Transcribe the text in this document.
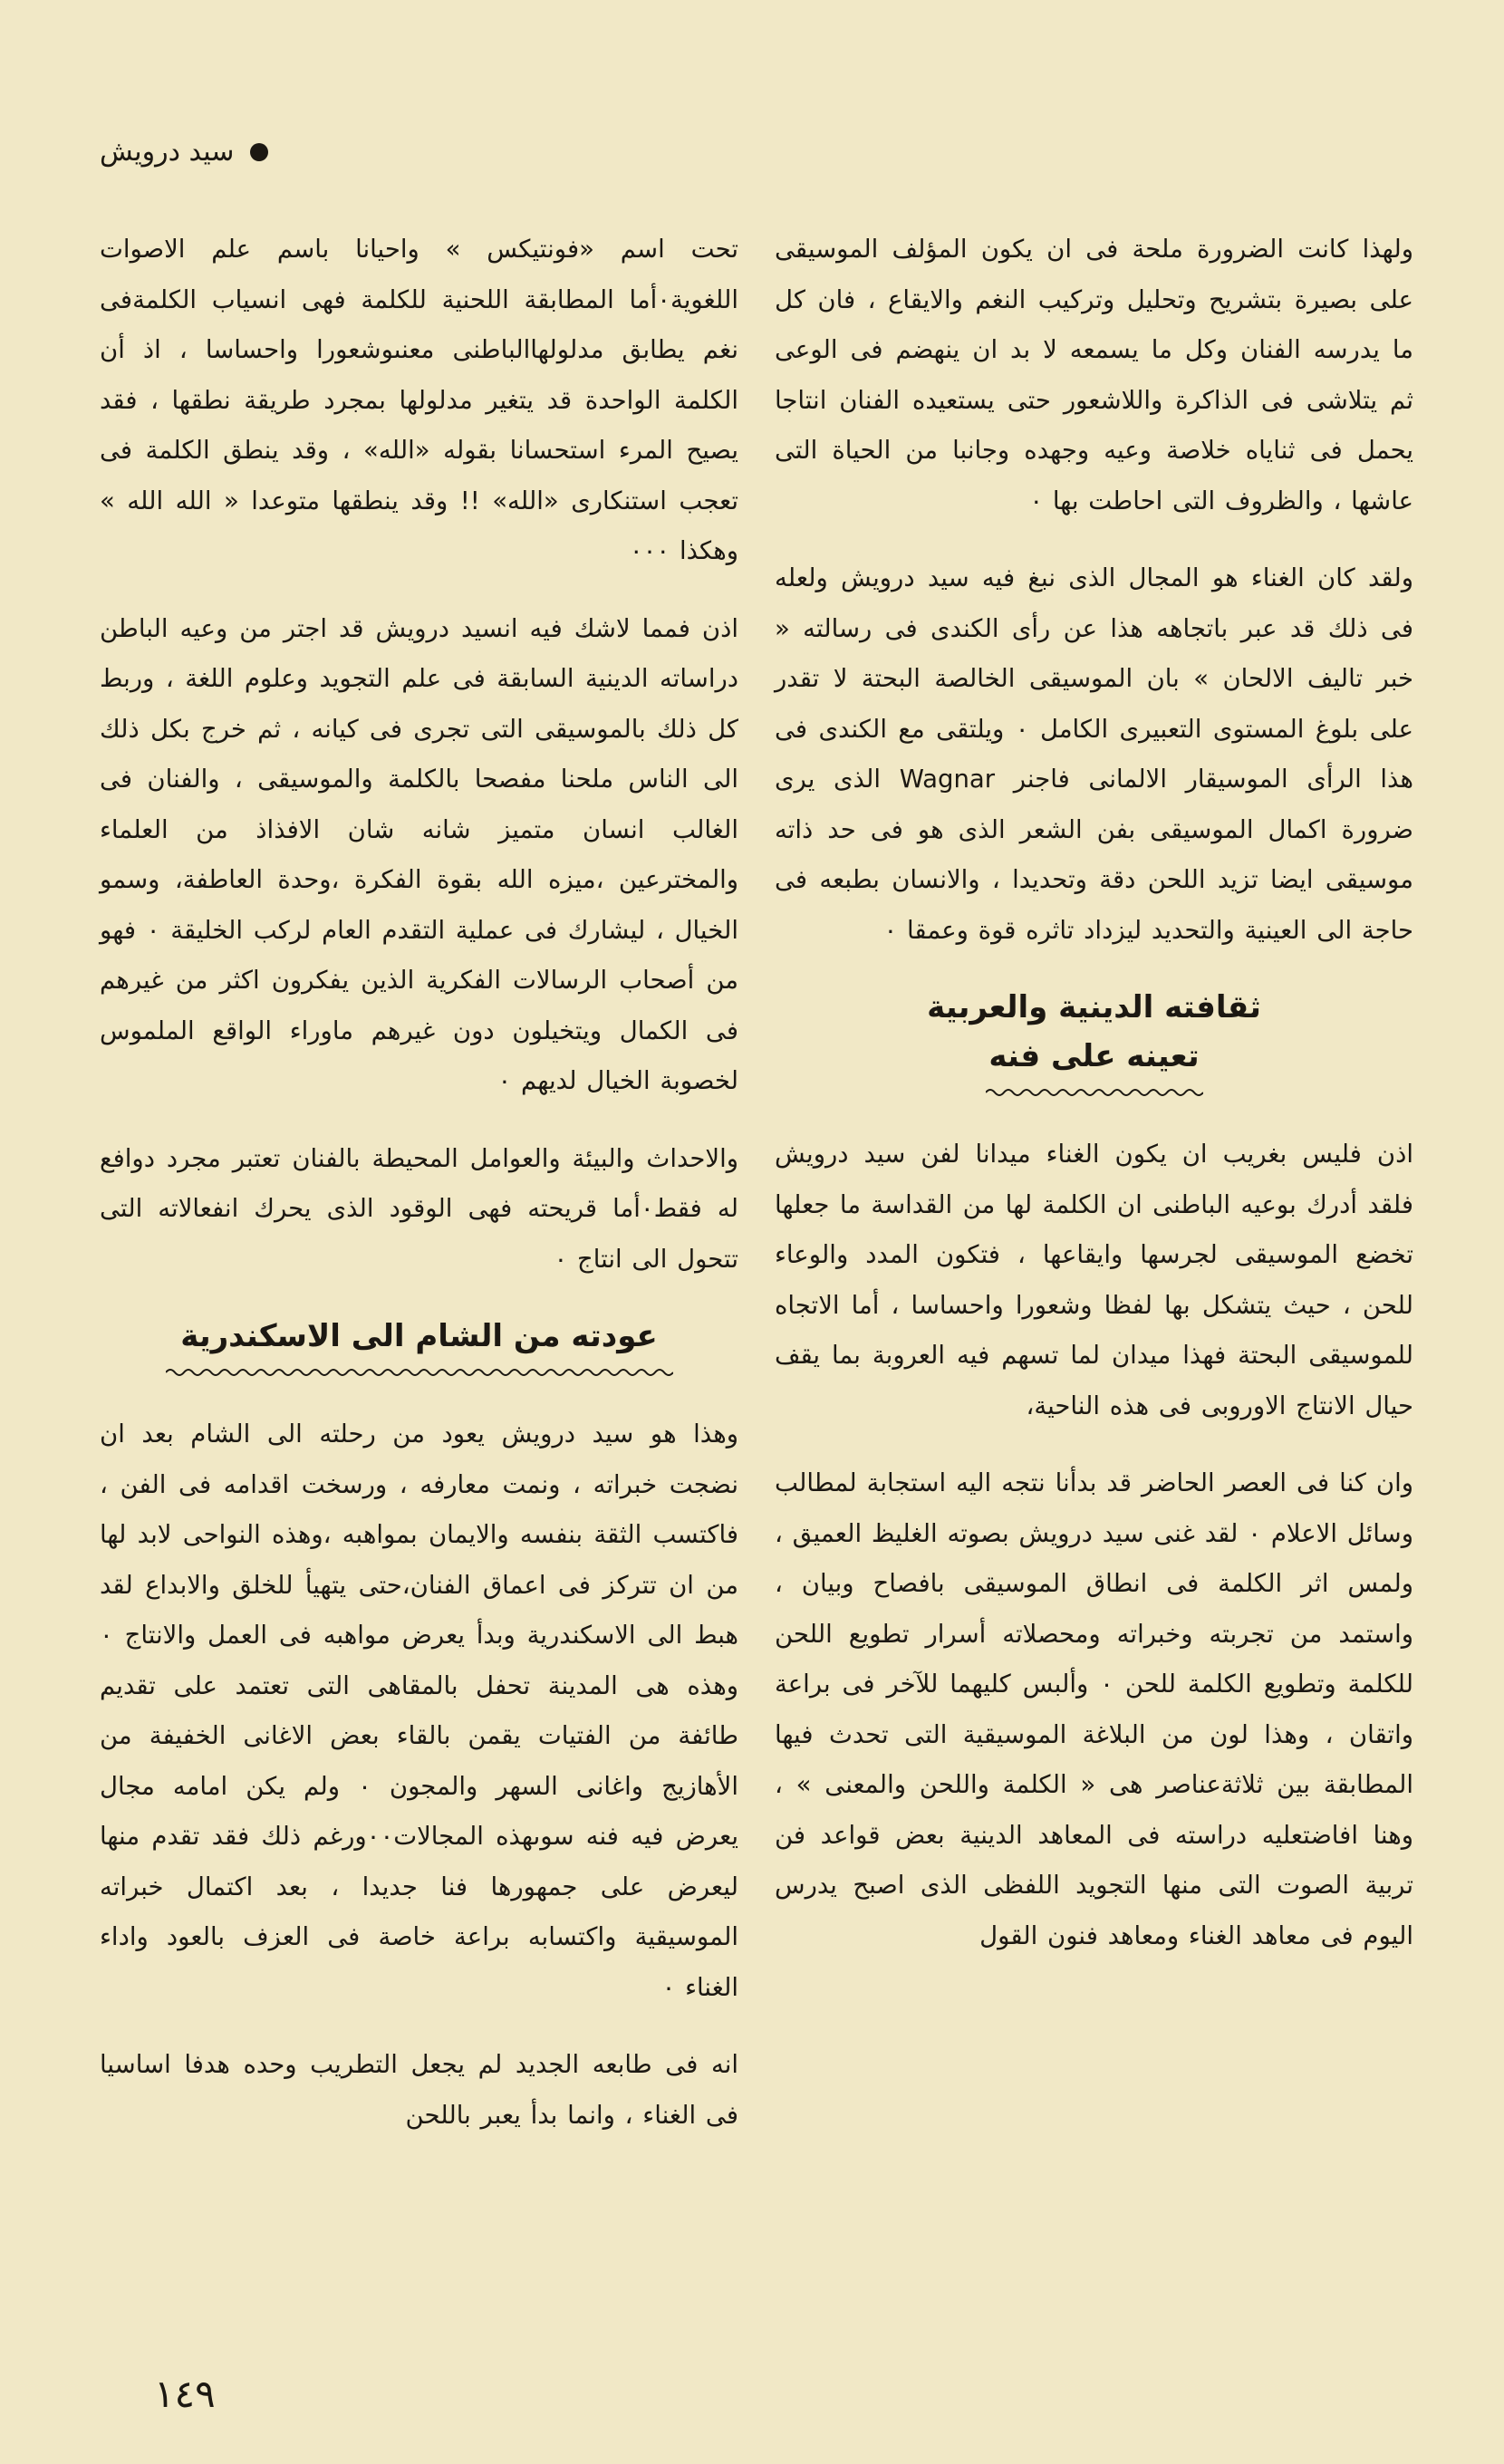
سيد درويش

ولهذا كانت الضرورة ملحة فى ان يكون المؤلف الموسيقى على بصيرة بتشريح وتحليل وتركيب النغم والايقاع ، فان كل ما يدرسه الفنان وكل ما يسمعه لا بد ان ينهضم فى الوعى ثم يتلاشى فى الذاكرة واللاشعور حتى يستعيده الفنان انتاجا يحمل فى ثناياه خلاصة وعيه وجهده وجانبا من الحياة التى عاشها ، والظروف التى احاطت بها ٠

ولقد كان الغناء هو المجال الذى نبغ فيه سيد درويش ولعله فى ذلك قد عبر باتجاهه هذا عن رأى الكندى فى رسالته « خبر تاليف الالحان » بان الموسيقى الخالصة البحتة لا تقدر على بلوغ المستوى التعبيرى الكامل ٠ ويلتقى مع الكندى فى هذا الرأى الموسيقار الالمانى فاجنر Wagnar الذى يرى ضرورة اكمال الموسيقى بفن الشعر الذى هو فى حد ذاته موسيقى ايضا تزيد اللحن دقة وتحديدا ، والانسان بطبعه فى حاجة الى العينية والتحديد ليزداد تاثره قوة وعمقا ٠

ثقافته الدينية والعربية
تعينه على فنه

اذن فليس بغريب ان يكون الغناء ميدانا لفن سيد درويش فلقد أدرك بوعيه الباطنى ان الكلمة لها من القداسة ما جعلها تخضع الموسيقى لجرسها وايقاعها ، فتكون المدد والوعاء للحن ، حيث يتشكل بها لفظا وشعورا واحساسا ، أما الاتجاه للموسيقى البحتة فهذا ميدان لما تسهم فيه العروبة بما يقف حيال الانتاج الاوروبى فى هذه الناحية،

وان كنا فى العصر الحاضر قد بدأنا نتجه اليه استجابة لمطالب وسائل الاعلام ٠ لقد غنى سيد درويش بصوته الغليظ العميق ، ولمس اثر الكلمة فى انطاق الموسيقى بافصاح وبيان ، واستمد من تجربته وخبراته ومحصلاته أسرار تطويع اللحن للكلمة وتطويع الكلمة للحن ٠ وألبس كليهما للآخر فى براعة واتقان ، وهذا لون من البلاغة الموسيقية التى تحدث فيها المطابقة بين ثلاثةعناصر هى « الكلمة واللحن والمعنى » ، وهنا افاضتعليه دراسته فى المعاهد الدينية بعض قواعد فن تربية الصوت التى منها التجويد اللفظى الذى اصبح يدرس اليوم فى معاهد الغناء ومعاهد فنون القول

تحت اسم «فونتيكس » واحيانا باسم علم الاصوات اللغوية٠أما المطابقة اللحنية للكلمة فهى انسياب الكلمةفى نغم يطابق مدلولهاالباطنى معنىوشعورا واحساسا ، اذ أن الكلمة الواحدة قد يتغير مدلولها بمجرد طريقة نطقها ، فقد يصيح المرء استحسانا بقوله «الله» ، وقد ينطق الكلمة فى تعجب استنكارى «الله» !! وقد ينطقها متوعدا « الله الله » وهكذا ٠٠٠

اذن فمما لاشك فيه انسيد درويش قد اجتر من وعيه الباطن دراساته الدينية السابقة فى علم التجويد وعلوم اللغة ، وربط كل ذلك بالموسيقى التى تجرى فى كيانه ، ثم خرج بكل ذلك الى الناس ملحنا مفصحا بالكلمة والموسيقى ، والفنان فى الغالب انسان متميز شانه شان الافذاذ من العلماء والمخترعين ،ميزه الله بقوة الفكرة ،وحدة العاطفة، وسمو الخيال ، ليشارك فى عملية التقدم العام لركب الخليقة ٠ فهو من أصحاب الرسالات الفكرية الذين يفكرون اكثر من غيرهم فى الكمال ويتخيلون دون غيرهم ماوراء الواقع الملموس لخصوبة الخيال لديهم ٠

والاحداث والبيئة والعوامل المحيطة بالفنان تعتبر مجرد دوافع له فقط٠أما قريحته فهى الوقود الذى يحرك انفعالاته التى تتحول الى انتاج ٠

عودته من الشام الى الاسكندرية

وهذا هو سيد درويش يعود من رحلته الى الشام بعد ان نضجت خبراته ، ونمت معارفه ، ورسخت اقدامه فى الفن ، فاكتسب الثقة بنفسه والايمان بمواهبه ،وهذه النواحى لابد لها من ان تتركز فى اعماق الفنان،حتى يتهيأ للخلق والابداع لقد هبط الى الاسكندرية وبدأ يعرض مواهبه فى العمل والانتاج ٠ وهذه هى المدينة تحفل بالمقاهى التى تعتمد على تقديم طائفة من الفتيات يقمن بالقاء بعض الاغانى الخفيفة من الأهازيج واغانى السهر والمجون ٠ ولم يكن امامه مجال يعرض فيه فنه سوىهذه المجالات٠٠ورغم ذلك فقد تقدم منها ليعرض على جمهورها فنا جديدا ، بعد اكتمال خبراته الموسيقية واكتسابه براعة خاصة فى العزف بالعود واداء الغناء ٠

انه فى طابعه الجديد لم يجعل التطريب وحده هدفا اساسيا فى الغناء ، وانما بدأ يعبر باللحن

١٤٩
